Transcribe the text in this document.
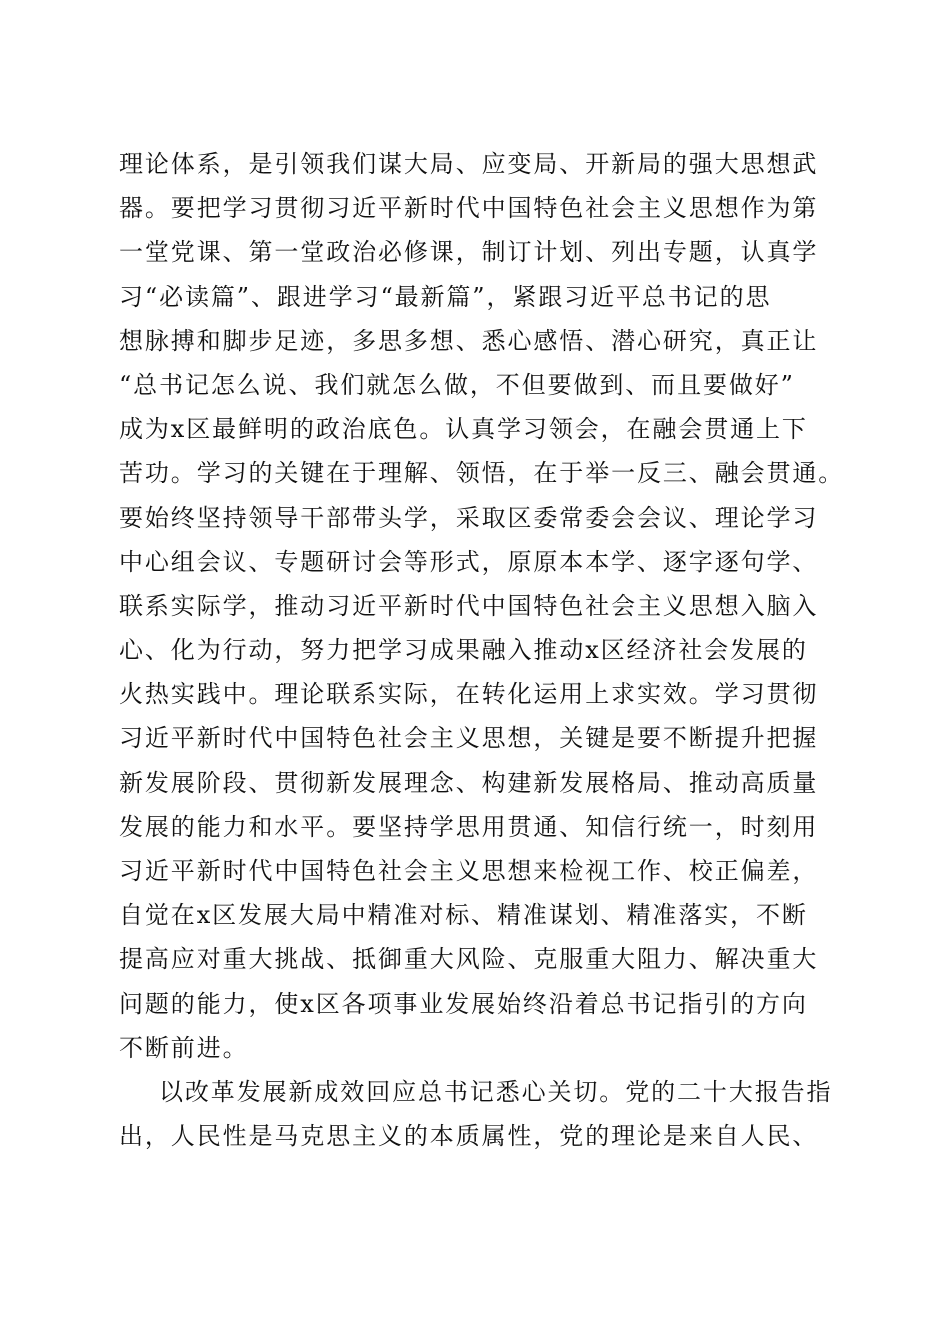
理论体系，是引领我们谋大局、应变局、开新局的强大思想武
器。要把学习贯彻习近平新时代中国特色社会主义思想作为第
一堂党课、第一堂政治必修课，制订计划、列出专题，认真学
习“必读篇”、跟进学习“最新篇”，紧跟习近平总书记的思
想脉搏和脚步足迹，多思多想、悉心感悟、潜心研究，真正让
“总书记怎么说、我们就怎么做，不但要做到、而且要做好”
成为x区最鲜明的政治底色。认真学习领会，在融会贯通上下
苦功。学习的关键在于理解、领悟，在于举一反三、融会贯通。
要始终坚持领导干部带头学，采取区委常委会会议、理论学习
中心组会议、专题研讨会等形式，原原本本学、逐字逐句学、
联系实际学，推动习近平新时代中国特色社会主义思想入脑入
心、化为行动，努力把学习成果融入推动x区经济社会发展的
火热实践中。理论联系实际，在转化运用上求实效。学习贯彻
习近平新时代中国特色社会主义思想，关键是要不断提升把握
新发展阶段、贯彻新发展理念、构建新发展格局、推动高质量
发展的能力和水平。要坚持学思用贯通、知信行统一，时刻用
习近平新时代中国特色社会主义思想来检视工作、校正偏差，
自觉在x区发展大局中精准对标、精准谋划、精准落实，不断
提高应对重大挑战、抵御重大风险、克服重大阻力、解决重大
问题的能力，使x区各项事业发展始终沿着总书记指引的方向
不断前进。
以改革发展新成效回应总书记悉心关切。党的二十大报告指
出，人民性是马克思主义的本质属性，党的理论是来自人民、
